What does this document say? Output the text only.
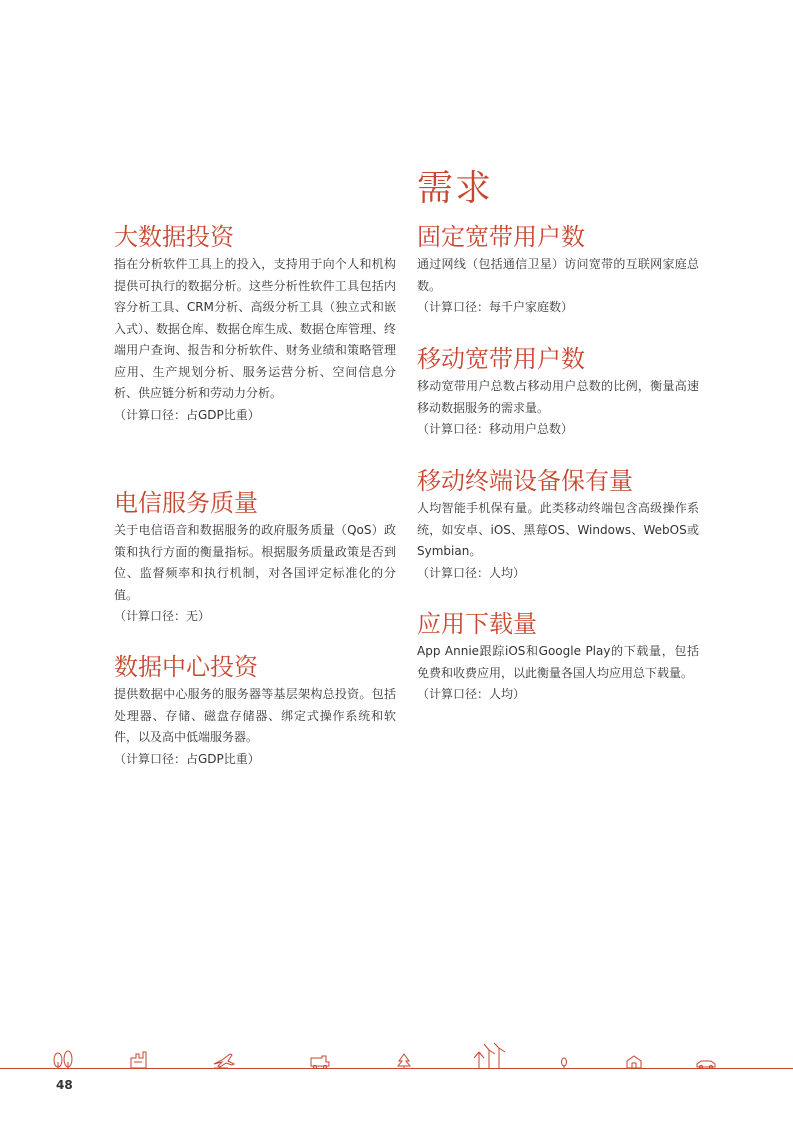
需求
大数据投资

指在分析软件工具上的投入，支持用于向个人和机构提供可执行的数据分析。这些分析性软件工具包括内容分析工具、CRM分析、高级分析工具（独立式和嵌入式）、数据仓库、数据仓库生成、数据仓库管理、终端用户查询、报告和分析软件、财务业绩和策略管理应用、生产规划分析、服务运营分析、空间信息分析、供应链分析和劳动力分析。

（计算口径：占GDP比重）

电信服务质量

关于电信语音和数据服务的政府服务质量（QoS）政策和执行方面的衡量指标。根据服务质量政策是否到位、监督频率和执行机制，对各国评定标准化的分值。

（计算口径：无）

数据中心投资

提供数据中心服务的服务器等基层架构总投资。包括处理器、存储、磁盘存储器、绑定式操作系统和软件，以及高中低端服务器。

（计算口径：占GDP比重）

固定宽带用户数

通过网线（包括通信卫星）访问宽带的互联网家庭总数。

（计算口径：每千户家庭数）

移动宽带用户数

移动宽带用户总数占移动用户总数的比例，衡量高速移动数据服务的需求量。

（计算口径：移动用户总数）

移动终端设备保有量

人均智能手机保有量。此类移动终端包含高级操作系统，如安卓、iOS、黑莓OS、Windows、WebOS或Symbian。

（计算口径：人均）

应用下载量

App Annie跟踪iOS和Google Play的下载量，包括免费和收费应用，以此衡量各国人均应用总下载量。

（计算口径：人均）

48
